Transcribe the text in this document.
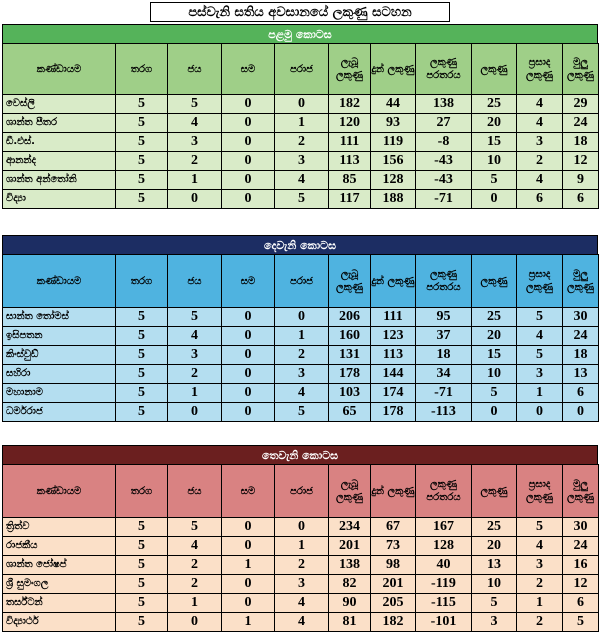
පස්වැනි සතිය අවසානයේ ලකුණු සටහන
පළමු කොටස
කණ්ඩායම	තරග	ජය	සම	පරාජ	ලැබූ ලකුණු	දුන් ලකුණු	ලකුණු පරතරය	ලකුණු	ප්‍රසාද ලකුණු	මුලු ලකුණු
වෙස්ලි	5	5	0	0	182	44	138	25	4	29
ශාන්ත පීතර	5	4	0	1	120	93	27	20	4	24
ඩී.එස්.	5	3	0	2	111	119	-8	15	3	18
ආනන්ද	5	2	0	3	113	156	-43	10	2	12
ශාන්ත අන්තෝනි	5	1	0	4	85	128	-43	5	4	9
විද්‍යා	5	0	0	5	117	188	-71	0	6	6
දෙවැනි කොටස
කණ්ඩායම	තරග	ජය	සම	පරාජ	ලැබූ ලකුණු	දුන් ලකුණු	ලකුණු පරතරය	ලකුණු	ප්‍රසාද ලකුණු	මුලු ලකුණු
සාන්ත තෝමස්	5	5	0	0	206	111	95	25	5	30
ඉසිපතන	5	4	0	1	160	123	37	20	4	24
කිංස්වුඩ්	5	3	0	2	131	113	18	15	5	18
සහිරා	5	2	0	3	178	144	34	10	3	13
මහානාම	5	1	0	4	103	174	-71	5	1	6
ධර්මරාජ	5	0	0	5	65	178	-113	0	0	0
තෙවැනි කොටස
කණ්ඩායම	තරග	ජය	සම	පරාජ	ලැබූ ලකුණු	දුන් ලකුණු	ලකුණු පරතරය	ලකුණු	ප්‍රසාද ලකුණු	මුලු ලකුණු
ත්‍රිත්ව	5	5	0	0	234	67	167	25	5	30
රාජකීය	5	4	0	1	201	73	128	20	4	24
ශාන්ත ජෝෂප්	5	2	1	2	138	98	40	13	3	16
ශ්‍රී සුමංගල	5	2	0	3	82	201	-119	10	2	12
තර්ස්ටන්	5	1	0	4	90	205	-115	5	1	6
විද්‍යාර්ථ	5	0	1	4	81	182	-101	3	2	5
